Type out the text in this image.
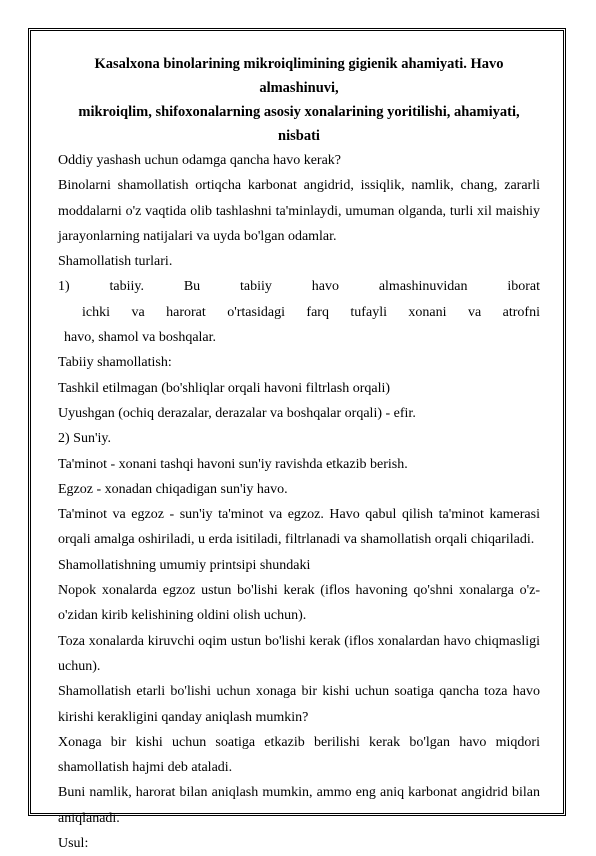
Kasalxona binolarining mikroiqlimining gigienik ahamiyati. Havo almashinuvi,
mikroiqlim, shifoxonalarning asosiy xonalarining yoritilishi, ahamiyati, nisbati

Oddiy yashash uchun odamga qancha havo kerak?

Binolarni shamollatish ortiqcha karbonat angidrid, issiqlik, namlik, chang, zararli moddalarni o'z vaqtida olib tashlashni ta'minlaydi, umuman olganda, turli xil maishiy jarayonlarning natijalari va uyda bo'lgan odamlar.

Shamollatish turlari.

1)	tabiiy.	Bu	tabiiy	havo	almashinuvidan	iborat
ichki va harorat o'rtasidagi farq tufayli xonani va atrofni

havo, shamol va boshqalar.

Tabiiy shamollatish:

Tashkil etilmagan (bo'shliqlar orqali havoni filtrlash orqali)

Uyushgan (ochiq derazalar, derazalar va boshqalar orqali) - efir.

2) Sun'iy.

Ta'minot - xonani tashqi havoni sun'iy ravishda etkazib berish.

Egzoz - xonadan chiqadigan sun'iy havo.

Ta'minot va egzoz - sun'iy ta'minot va egzoz. Havo qabul qilish ta'minot kamerasi orqali amalga oshiriladi, u erda isitiladi, filtrlanadi va shamollatish orqali chiqariladi.

Shamollatishning umumiy printsipi shundaki

Nopok xonalarda egzoz ustun bo'lishi kerak (iflos havoning qo'shni xonalarga o'z-o'zidan kirib kelishining oldini olish uchun).

Toza xonalarda kiruvchi oqim ustun bo'lishi kerak (iflos xonalardan havo chiqmasligi uchun).

Shamollatish etarli bo'lishi uchun xonaga bir kishi uchun soatiga qancha toza havo kirishi kerakligini qanday aniqlash mumkin?

Xonaga bir kishi uchun soatiga etkazib berilishi kerak bo'lgan havo miqdori shamollatish hajmi deb ataladi.

Buni namlik, harorat bilan aniqlash mumkin, ammo eng aniq karbonat angidrid bilan aniqlanadi.

Usul:
